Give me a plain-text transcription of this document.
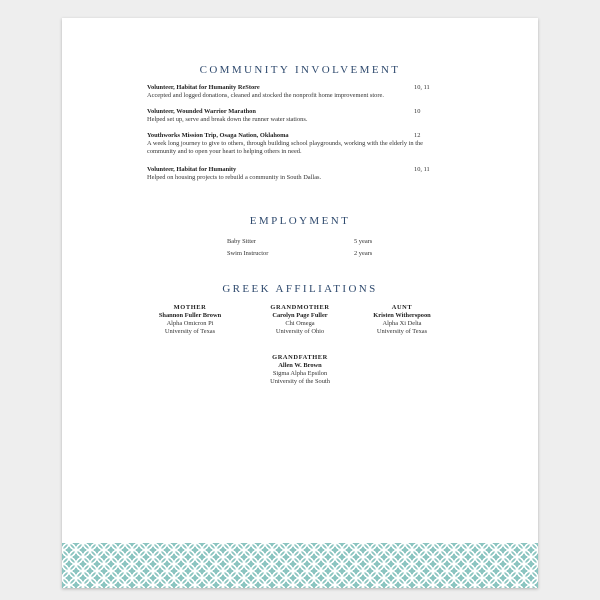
COMMUNITY INVOLVEMENT
Volunteer, Habitat for Humanity ReStore
Accepted and logged donations, cleaned and stocked the nonprofit home improvement store.
10, 11
Volunteer, Wounded Warrior Marathon
Helped set up, serve and break down the runner water stations.
10
Youthworks Mission Trip, Osaga Nation, Oklahoma
A week long journey to give to others, through building school playgrounds, working with the elderly in the community and to open your heart to helping others in need.
12
Volunteer, Habitat for Humanity
Helped on housing projects to rebuild a community in South Dallas.
10, 11
EMPLOYMENT
Baby Sitter	5 years
Swim Instructor	2 years
GREEK AFFILIATIONS
MOTHER
Shannon Fuller Brown
Alpha Omicron Pi
University of Texas
GRANDMOTHER
Carolyn Page Fuller
Chi Omega
University of Ohio
AUNT
Kristen Witherspoon
Alpha Xi Delta
University of Texas
GRANDFATHER
Allen W. Brown
Sigma Alpha Epsilon
University of the South
